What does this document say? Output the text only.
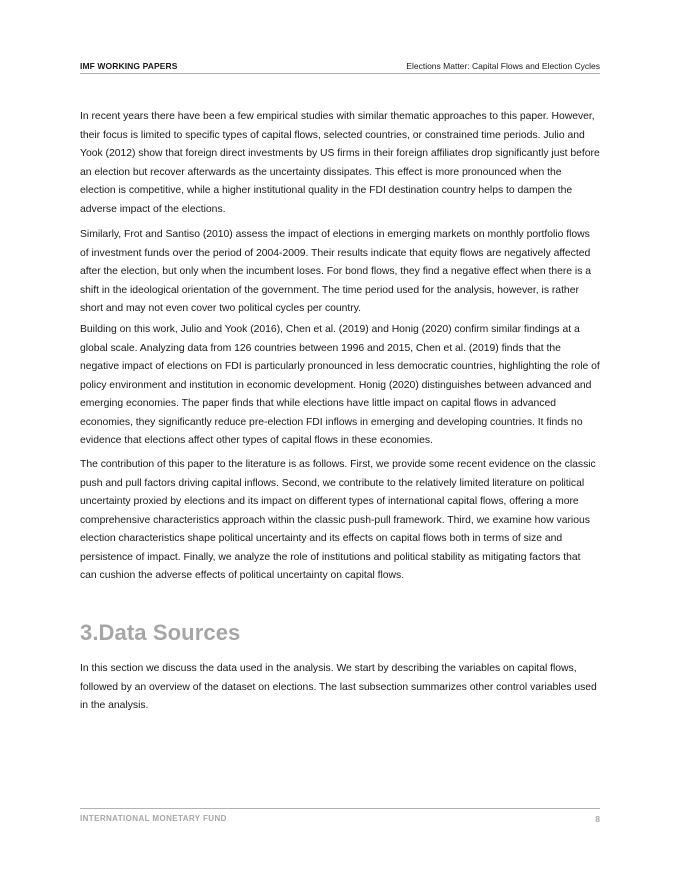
IMF WORKING PAPERS	Elections Matter: Capital Flows and Election Cycles

In recent years there have been a few empirical studies with similar thematic approaches to this paper. However, their focus is limited to specific types of capital flows, selected countries, or constrained time periods. Julio and Yook (2012) show that foreign direct investments by US firms in their foreign affiliates drop significantly just before an election but recover afterwards as the uncertainty dissipates. This effect is more pronounced when the election is competitive, while a higher institutional quality in the FDI destination country helps to dampen the adverse impact of the elections.

Similarly, Frot and Santiso (2010) assess the impact of elections in emerging markets on monthly portfolio flows of investment funds over the period of 2004-2009. Their results indicate that equity flows are negatively affected after the election, but only when the incumbent loses. For bond flows, they find a negative effect when there is a shift in the ideological orientation of the government. The time period used for the analysis, however, is rather short and may not even cover two political cycles per country.

Building on this work, Julio and Yook (2016), Chen et al. (2019) and Honig (2020) confirm similar findings at a global scale. Analyzing data from 126 countries between 1996 and 2015, Chen et al. (2019) finds that the negative impact of elections on FDI is particularly pronounced in less democratic countries, highlighting the role of policy environment and institution in economic development. Honig (2020) distinguishes between advanced and emerging economies. The paper finds that while elections have little impact on capital flows in advanced economies, they significantly reduce pre-election FDI inflows in emerging and developing countries. It finds no evidence that elections affect other types of capital flows in these economies.

The contribution of this paper to the literature is as follows. First, we provide some recent evidence on the classic push and pull factors driving capital inflows. Second, we contribute to the relatively limited literature on political uncertainty proxied by elections and its impact on different types of international capital flows, offering a more comprehensive characteristics approach within the classic push-pull framework. Third, we examine how various election characteristics shape political uncertainty and its effects on capital flows both in terms of size and persistence of impact. Finally, we analyze the role of institutions and political stability as mitigating factors that can cushion the adverse effects of political uncertainty on capital flows.

3.Data Sources

In this section we discuss the data used in the analysis. We start by describing the variables on capital flows, followed by an overview of the dataset on elections. The last subsection summarizes other control variables used in the analysis.

INTERNATIONAL MONETARY FUND	8
